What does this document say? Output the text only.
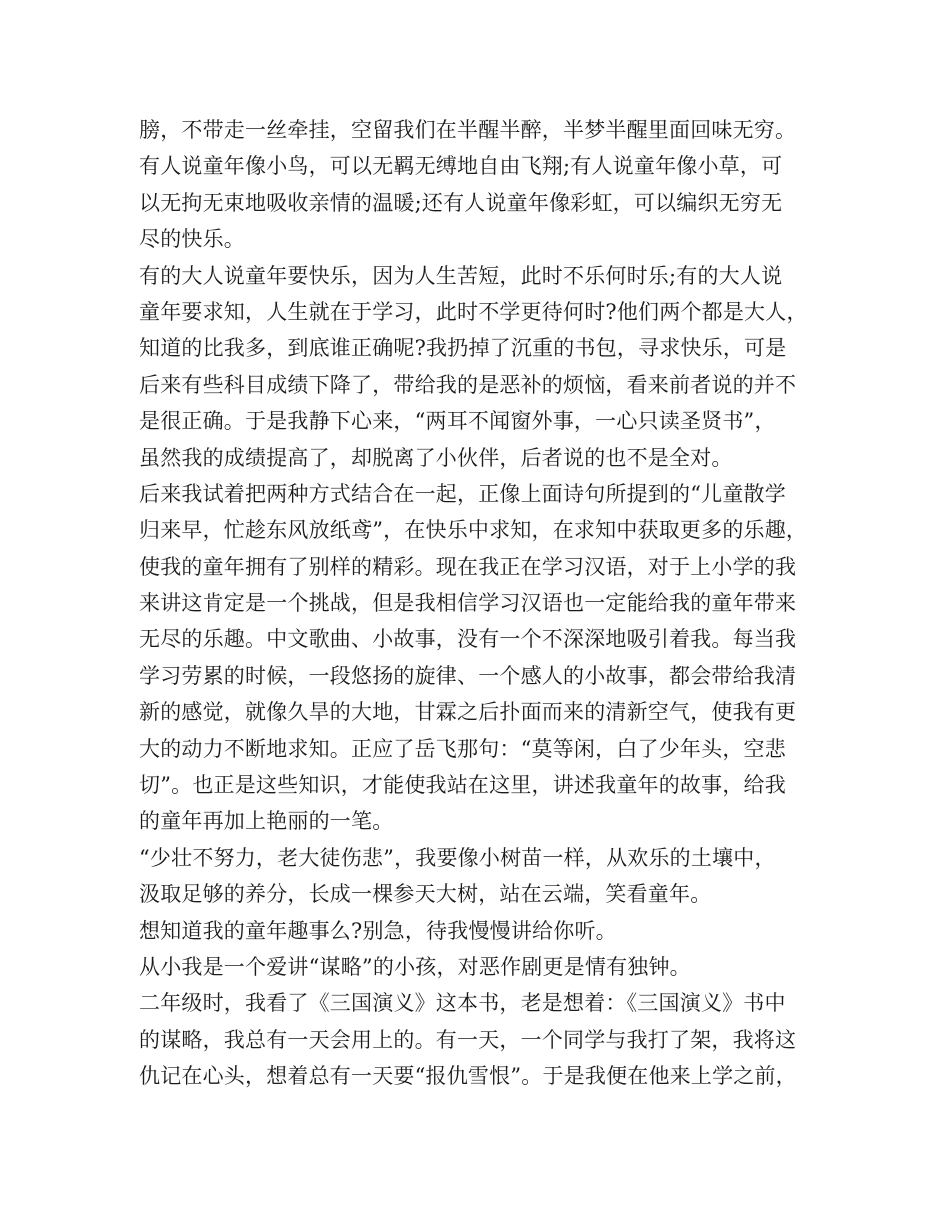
膀，不带走一丝牵挂，空留我们在半醒半醉，半梦半醒里面回味无穷。
有人说童年像小鸟，可以无羁无缚地自由飞翔;有人说童年像小草，可
以无拘无束地吸收亲情的温暖;还有人说童年像彩虹，可以编织无穷无
尽的快乐。
有的大人说童年要快乐，因为人生苦短，此时不乐何时乐;有的大人说
童年要求知，人生就在于学习，此时不学更待何时?他们两个都是大人，
知道的比我多，到底谁正确呢?我扔掉了沉重的书包，寻求快乐，可是
后来有些科目成绩下降了，带给我的是恶补的烦恼，看来前者说的并不
是很正确。于是我静下心来，“两耳不闻窗外事，一心只读圣贤书”，
虽然我的成绩提高了，却脱离了小伙伴，后者说的也不是全对。
后来我试着把两种方式结合在一起，正像上面诗句所提到的“儿童散学
归来早，忙趁东风放纸鸢”，在快乐中求知，在求知中获取更多的乐趣，
使我的童年拥有了别样的精彩。现在我正在学习汉语，对于上小学的我
来讲这肯定是一个挑战，但是我相信学习汉语也一定能给我的童年带来
无尽的乐趣。中文歌曲、小故事，没有一个不深深地吸引着我。每当我
学习劳累的时候，一段悠扬的旋律、一个感人的小故事，都会带给我清
新的感觉，就像久旱的大地，甘霖之后扑面而来的清新空气，使我有更
大的动力不断地求知。正应了岳飞那句：“莫等闲，白了少年头，空悲
切”。也正是这些知识，才能使我站在这里，讲述我童年的故事，给我
的童年再加上艳丽的一笔。
“少壮不努力，老大徒伤悲”，我要像小树苗一样，从欢乐的土壤中，
汲取足够的养分，长成一棵参天大树，站在云端，笑看童年。
想知道我的童年趣事么?别急，待我慢慢讲给你听。
从小我是一个爱讲“谋略”的小孩，对恶作剧更是情有独钟。
二年级时，我看了《三国演义》这本书，老是想着：《三国演义》书中
的谋略，我总有一天会用上的。有一天，一个同学与我打了架，我将这
仇记在心头，想着总有一天要“报仇雪恨”。于是我便在他来上学之前，
